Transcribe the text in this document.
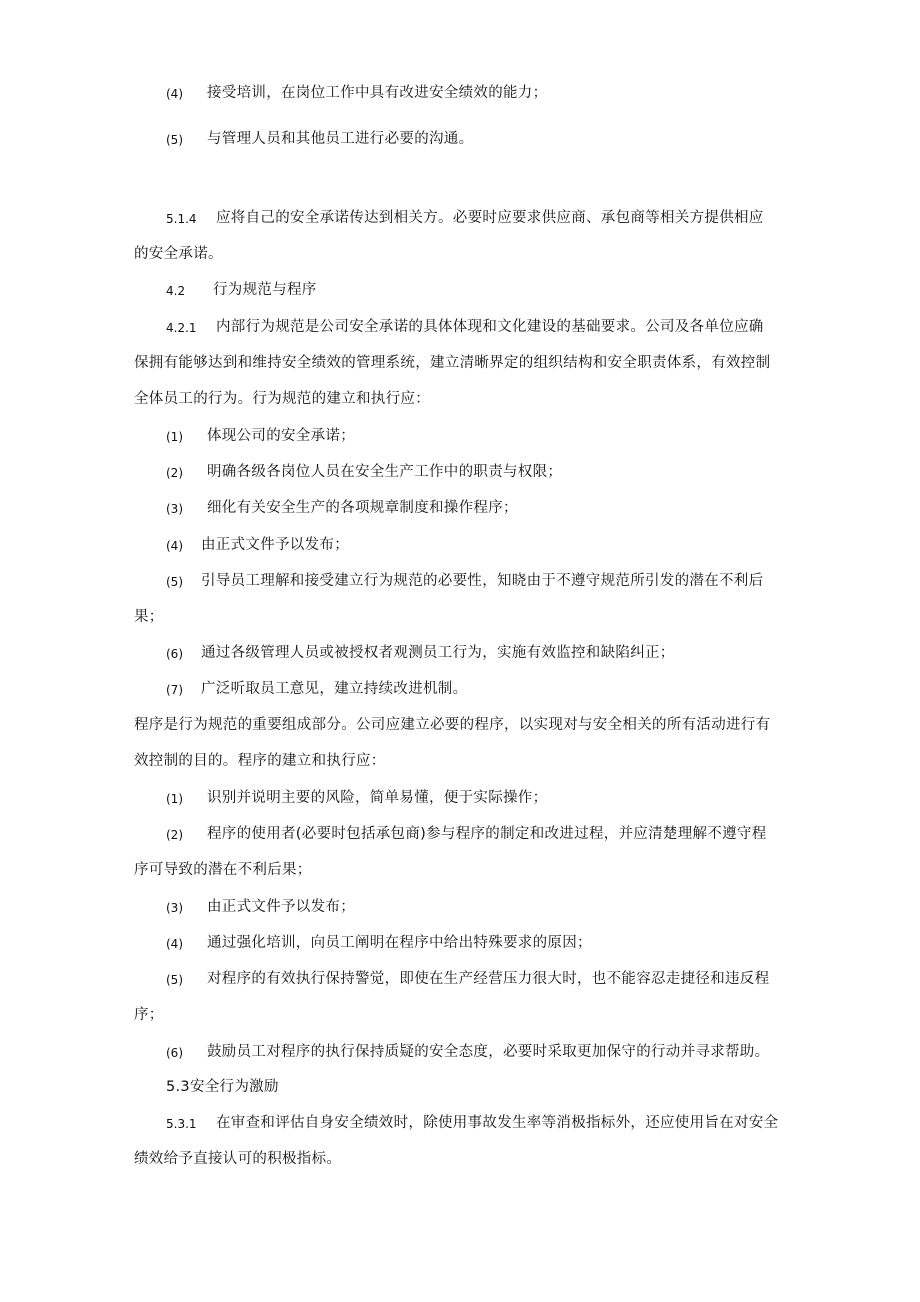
(4) 接受培训，在岗位工作中具有改进安全绩效的能力；
(5) 与管理人员和其他员工进行必要的沟通。
5.1.4 应将自己的安全承诺传达到相关方。必要时应要求供应商、承包商等相关方提供相应
的安全承诺。
4.2 行为规范与程序
4.2.1 内部行为规范是公司安全承诺的具体体现和文化建设的基础要求。公司及各单位应确
保拥有能够达到和维持安全绩效的管理系统，建立清晰界定的组织结构和安全职责体系，有效控制
全体员工的行为。行为规范的建立和执行应：
(1) 体现公司的安全承诺；
(2) 明确各级各岗位人员在安全生产工作中的职责与权限；
(3) 细化有关安全生产的各项规章制度和操作程序；
(4) 由正式文件予以发布；
(5) 引导员工理解和接受建立行为规范的必要性，知晓由于不遵守规范所引发的潜在不利后
果；
(6) 通过各级管理人员或被授权者观测员工行为，实施有效监控和缺陷纠正；
(7) 广泛听取员工意见，建立持续改进机制。
程序是行为规范的重要组成部分。公司应建立必要的程序，以实现对与安全相关的所有活动进行有
效控制的目的。程序的建立和执行应：
(1) 识别并说明主要的风险，简单易懂，便于实际操作；
(2) 程序的使用者(必要时包括承包商)参与程序的制定和改进过程，并应清楚理解不遵守程
序可导致的潜在不利后果；
(3) 由正式文件予以发布；
(4) 通过强化培训，向员工阐明在程序中给出特殊要求的原因；
(5) 对程序的有效执行保持警觉，即使在生产经营压力很大时，也不能容忍走捷径和违反程
序；
(6) 鼓励员工对程序的执行保持质疑的安全态度，必要时采取更加保守的行动并寻求帮助。
5.3安全行为激励
5.3.1 在审查和评估自身安全绩效时，除使用事故发生率等消极指标外，还应使用旨在对安全
绩效给予直接认可的积极指标。
